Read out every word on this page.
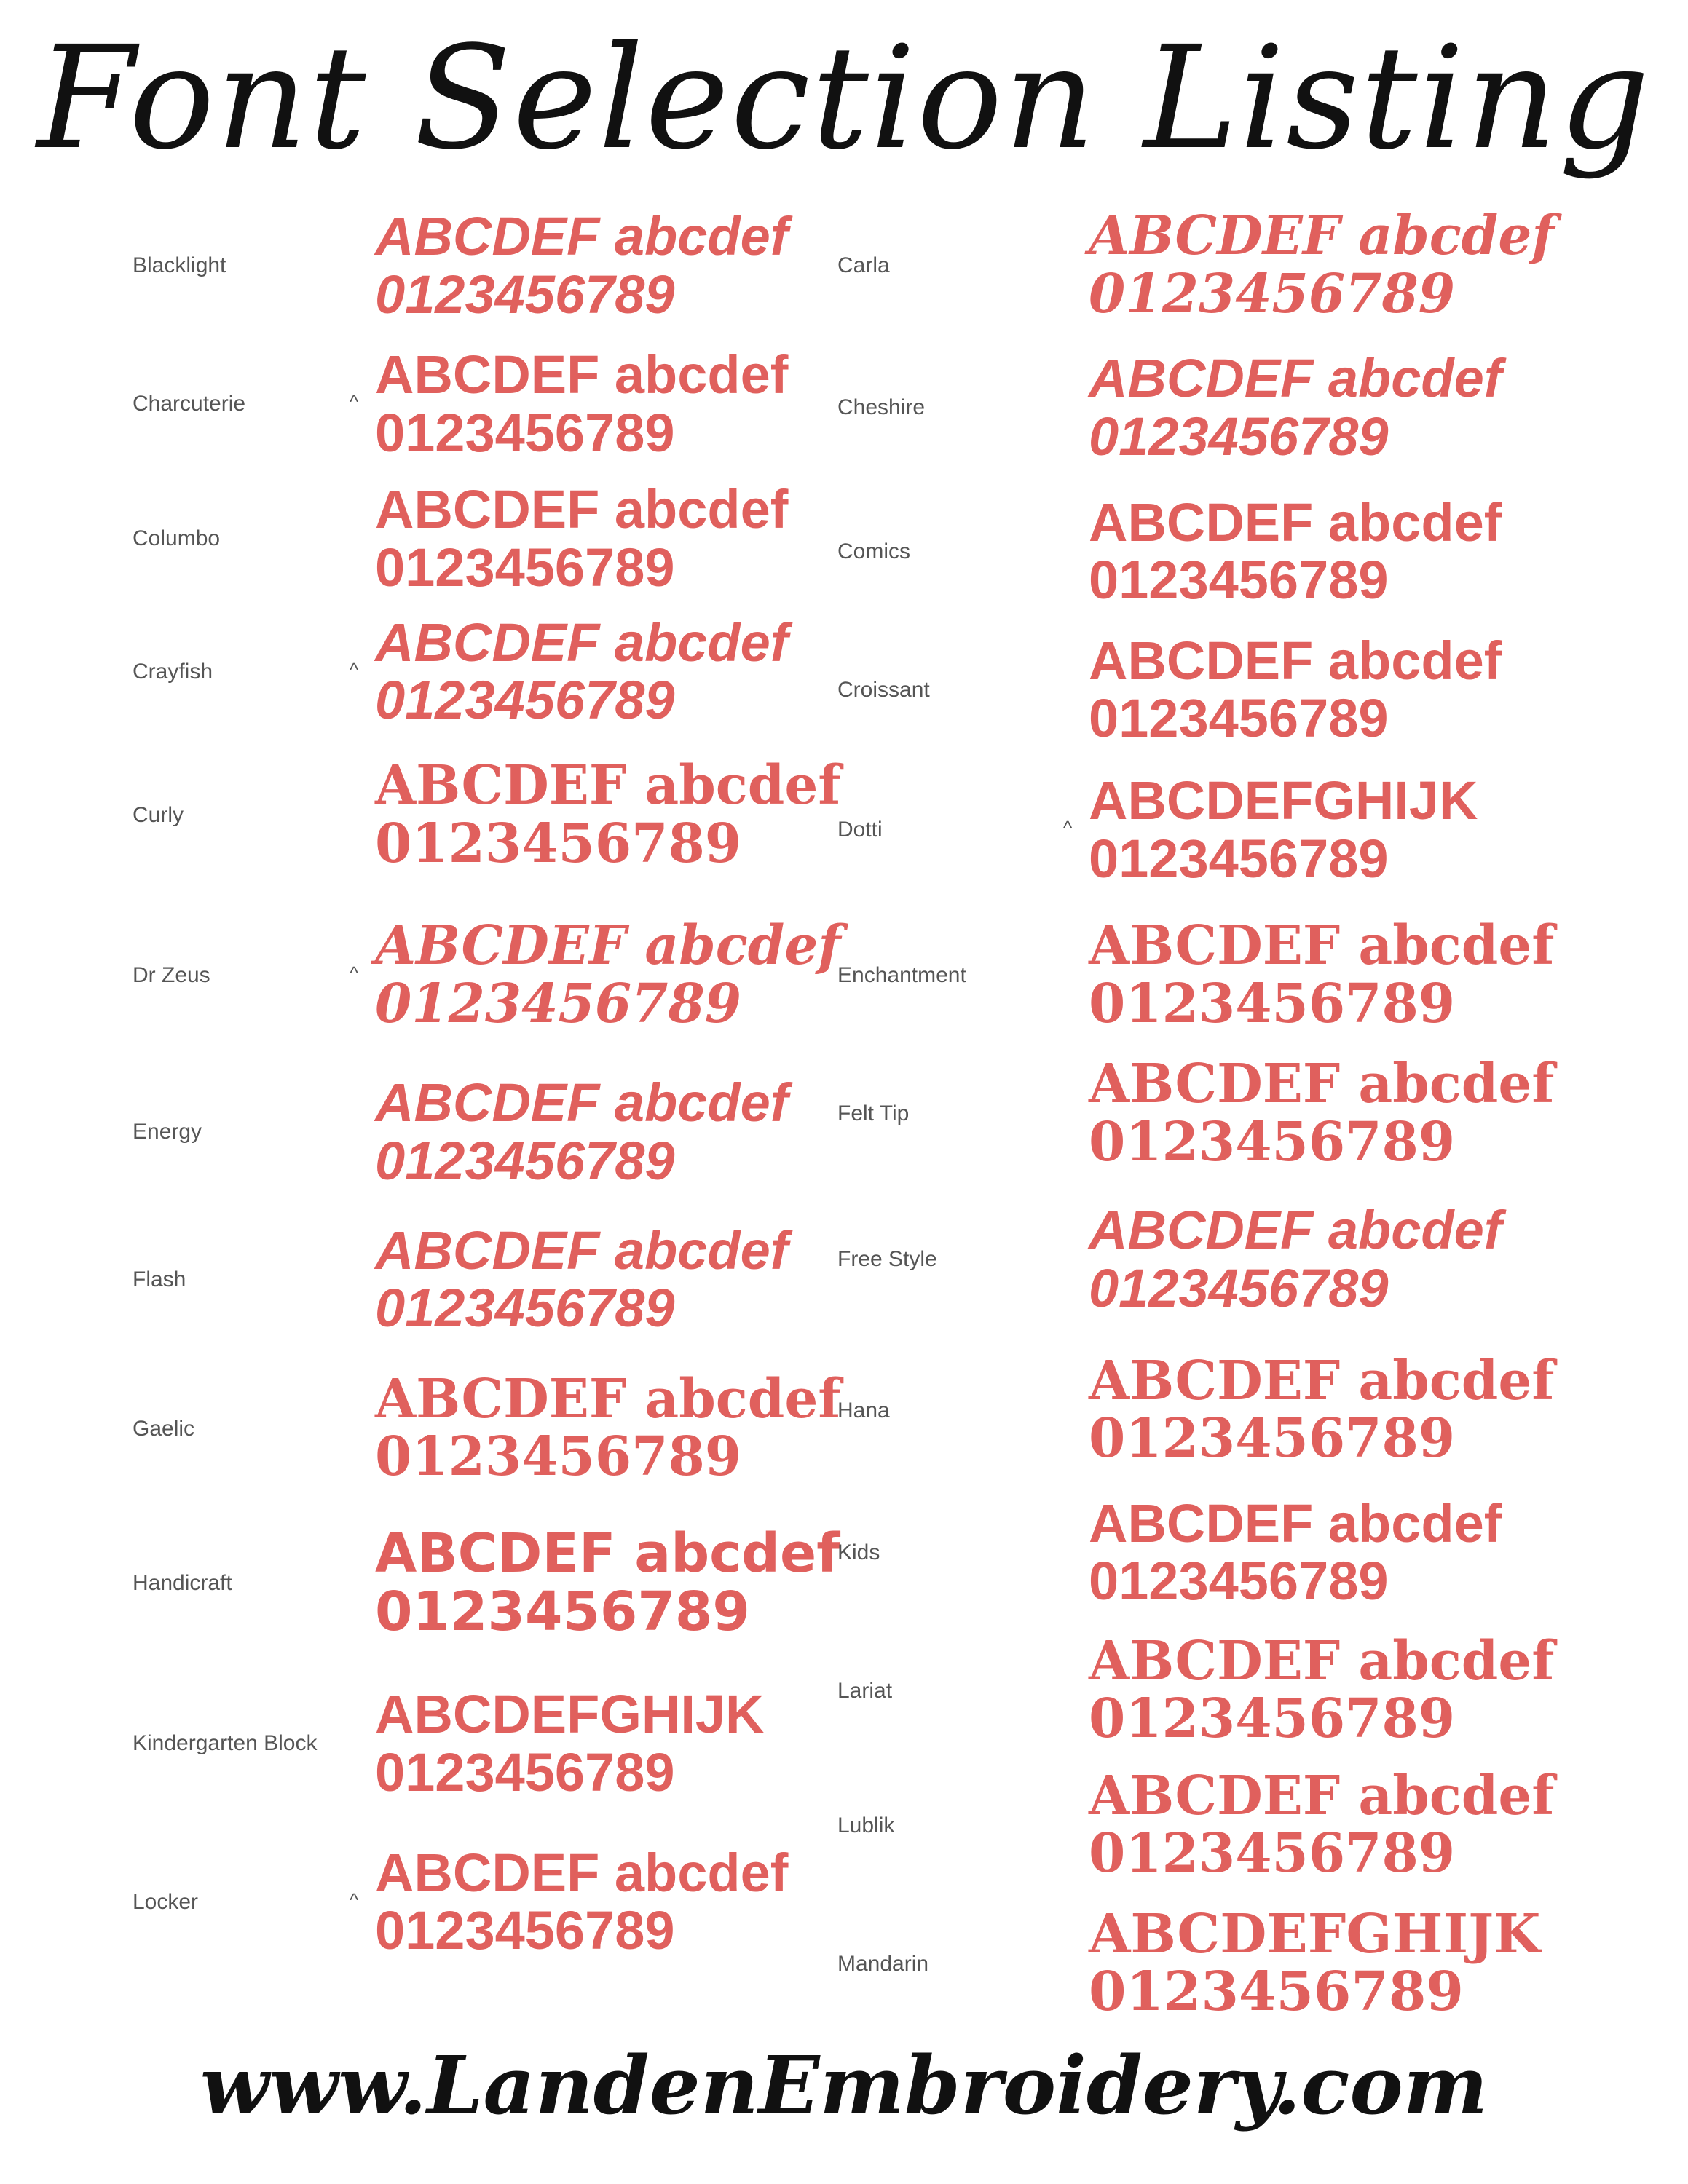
Font Selection Listing
Blacklight	ABCDEF abcdef
0123456789
Charcuterie	^ ABCDEF abcdef
0123456789
Columbo	ABCDEF abcdef
0123456789
Crayfish	^ ABCDEF abcdef
0123456789
Curly	ABCDEF abcdef
0123456789
Dr Zeus	^ ABCDEF abcdef
0123456789
Energy	ABCDEF abcdef
0123456789
Flash	ABCDEF abcdef
0123456789
Gaelic	ABCDEF abcdef
0123456789
Handicraft	ABCDEF abcdef
0123456789
Kindergarten Block ABCDEFGHIJK
0123456789
Locker	^ ABCDEF abcdef
0123456789
Carla	ABCDEF abcdef
0123456789
Cheshire	ABCDEF abcdef
0123456789
Comics	ABCDEF abcdef
0123456789
Croissant	ABCDEF abcdef
0123456789
Dotti	^ ABCDEFGHIJK
0123456789
Enchantment ABCDEF abcdef
0123456789
Felt Tip	ABCDEF abcdef
0123456789
Free Style	ABCDEF abcdef
0123456789
Hana	ABCDEF abcdef
0123456789
Kids	ABCDEF abcdef
0123456789
Lariat	ABCDEF abcdef
0123456789
Lublik	ABCDEF abcdef
0123456789
Mandarin	ABCDEFGHIJK
0123456789
www.LandenEmbroidery.com
